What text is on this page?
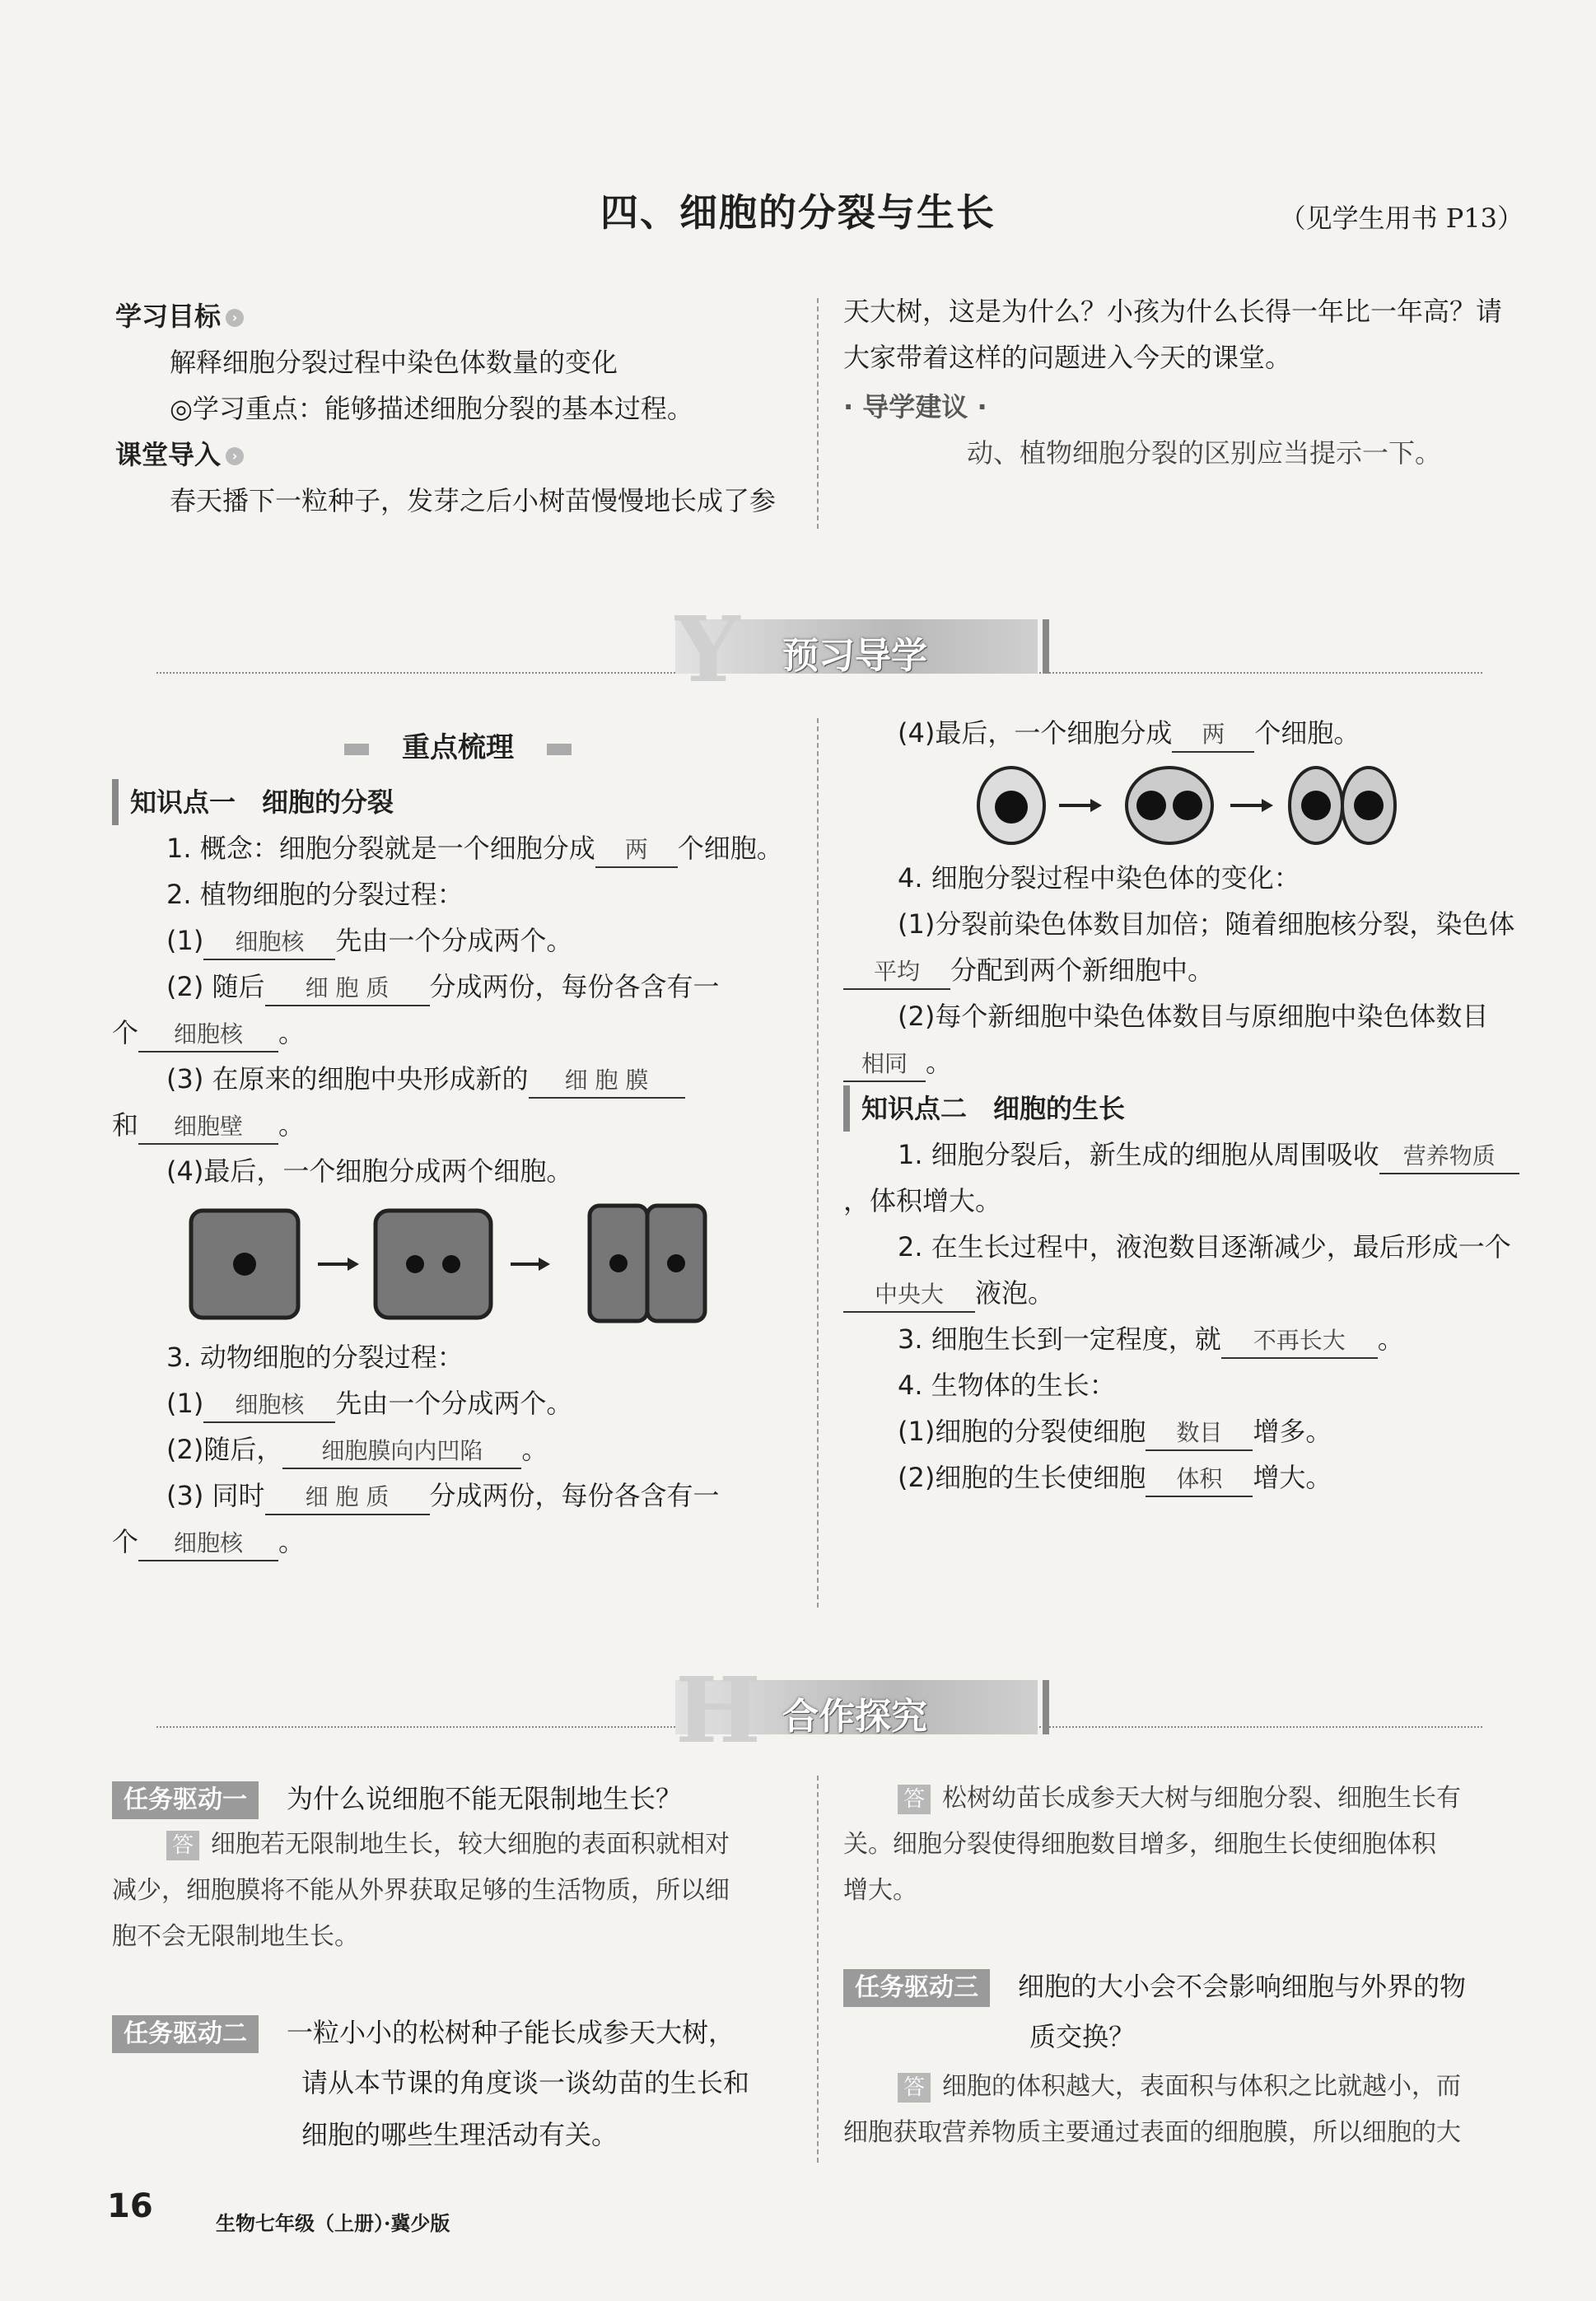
四、细胞的分裂与生长	（见学生用书 P13）
学习目标 ›
解释细胞分裂过程中染色体数量的变化
◎学习重点：能够描述细胞分裂的基本过程。
课堂导入 ›
春天播下一粒种子，发芽之后小树苗慢慢地长成了参
天大树，这是为什么？小孩为什么长得一年比一年高？请
大家带着这样的问题进入今天的课堂。
· 导学建议 ·
动、植物细胞分裂的区别应当提示一下。
Y 预习导学
重点梳理
知识点一　细胞的分裂
1. 概念：细胞分裂就是一个细胞分成 两 个细胞。
2. 植物细胞的分裂过程：
(1) 细胞核 先由一个分成两个。
(2) 随后 细 胞 质 分成两份，每份各含有一
个 细胞核 。
(3) 在原来的细胞中央形成新的 细 胞 膜
和 细胞壁 。
(4)最后，一个细胞分成两个细胞。
3. 动物细胞的分裂过程：
(1) 细胞核 先由一个分成两个。
(2)随后， 细胞膜向内凹陷 。
(3) 同时 细 胞 质 分成两份，每份各含有一
个 细胞核 。
(4)最后，一个细胞分成 两 个细胞。
4. 细胞分裂过程中染色体的变化：
(1)分裂前染色体数目加倍；随着细胞核分裂，染色体
平均 分配到两个新细胞中。
(2)每个新细胞中染色体数目与原细胞中染色体数目
相同 。
知识点二　细胞的生长
1. 细胞分裂后，新生成的细胞从周围吸收 营养物质
，体积增大。
2. 在生长过程中，液泡数目逐渐减少，最后形成一个
中央大 液泡。
3. 细胞生长到一定程度，就 不再长大 。
4. 生物体的生长：
(1)细胞的分裂使细胞 数目 增多。
(2)细胞的生长使细胞 体积 增大。
H 合作探究
任务驱动一 为什么说细胞不能无限制地生长？
答 细胞若无限制地生长，较大细胞的表面积就相对
减少，细胞膜将不能从外界获取足够的生活物质，所以细
胞不会无限制地生长。
任务驱动二 一粒小小的松树种子能长成参天大树，
请从本节课的角度谈一谈幼苗的生长和
细胞的哪些生理活动有关。
答 松树幼苗长成参天大树与细胞分裂、细胞生长有
关。细胞分裂使得细胞数目增多，细胞生长使细胞体积
增大。
任务驱动三 细胞的大小会不会影响细胞与外界的物
质交换？
答 细胞的体积越大，表面积与体积之比就越小，而
细胞获取营养物质主要通过表面的细胞膜，所以细胞的大
16	生物七年级（上册）·冀少版
